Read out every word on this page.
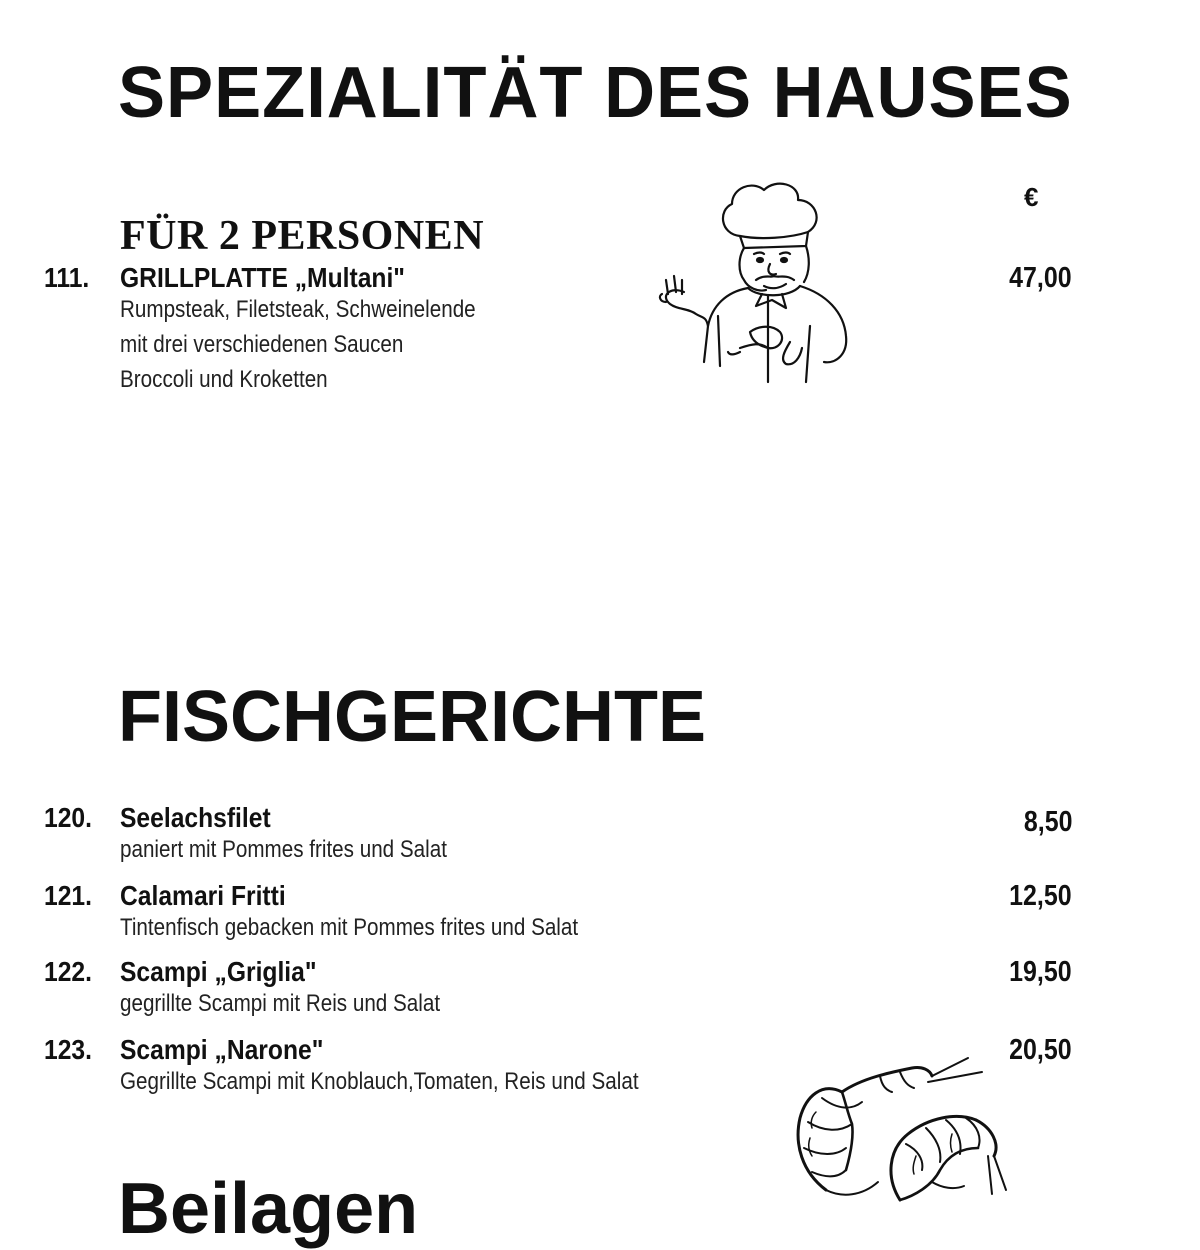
SPEZIALITÄT DES HAUSES
€
FÜR 2 PERSONEN
111. GRILLPLATTE „Multani"	47,00
Rumpsteak, Filetsteak, Schweinelende
mit drei verschiedenen Saucen
Broccoli und Kroketten
FISCHGERICHTE
120. Seelachsfilet	8,50
paniert mit Pommes frites und Salat
121. Calamari Fritti	12,50
Tintenfisch gebacken mit Pommes frites und Salat
122. Scampi „Griglia"	19,50
gegrillte Scampi mit Reis und Salat
123. Scampi „Narone"	20,50
Gegrillte Scampi mit Knoblauch,Tomaten, Reis und Salat
Beilagen
